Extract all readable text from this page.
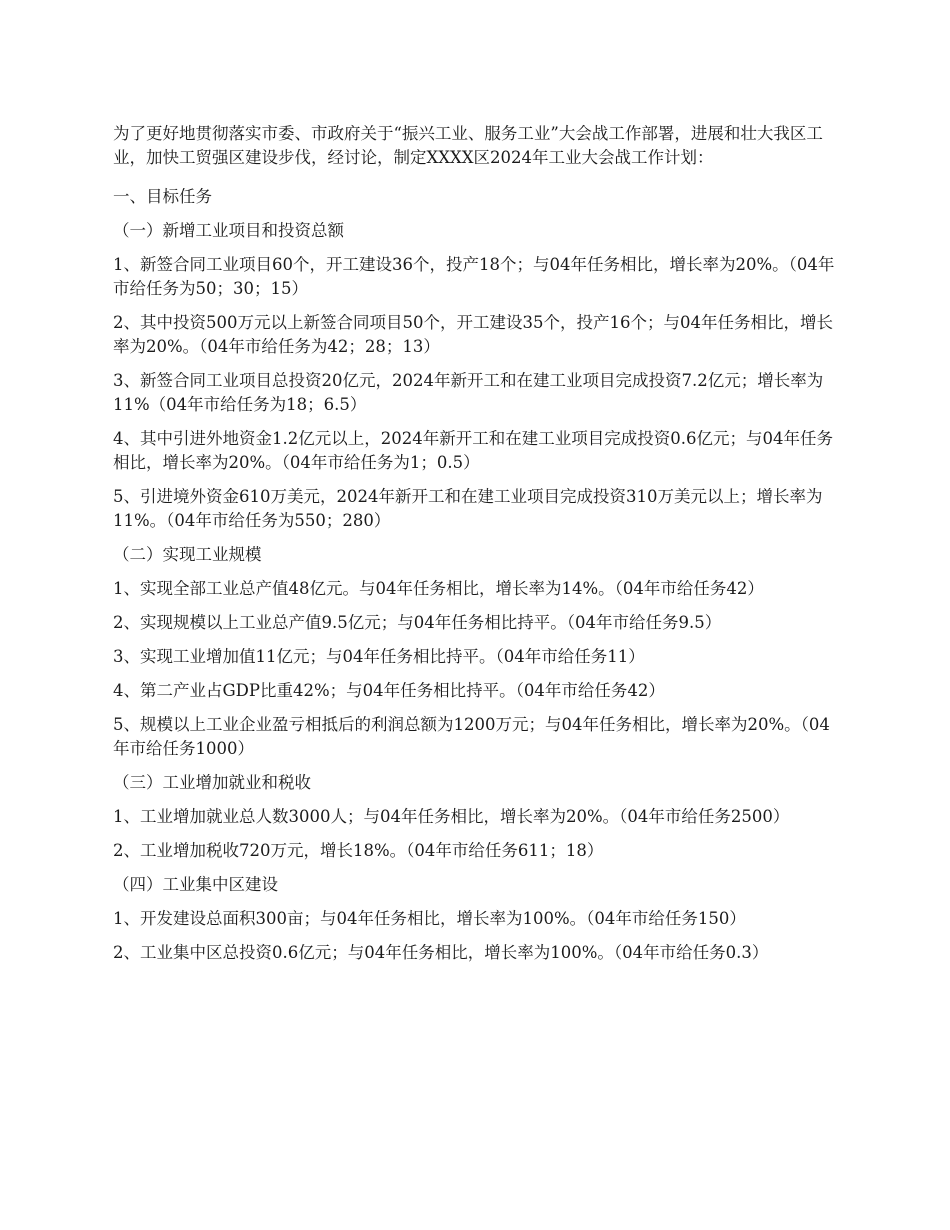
为了更好地贯彻落实市委、市政府关于“振兴工业、服务工业”大会战工作部署，进展和壮大我区工业，加快工贸强区建设步伐，经讨论，制定XXXX区2024年工业大会战工作计划：

一、目标任务

（一）新增工业项目和投资总额

1、新签合同工业项目60个，开工建设36个，投产18个；与04年任务相比，增长率为20%。（04年市给任务为50；30；15）

2、其中投资500万元以上新签合同项目50个，开工建设35个，投产16个；与04年任务相比，增长率为20%。（04年市给任务为42；28；13）

3、新签合同工业项目总投资20亿元，2024年新开工和在建工业项目完成投资7.2亿元；增长率为11%（04年市给任务为18；6.5）

4、其中引进外地资金1.2亿元以上，2024年新开工和在建工业项目完成投资0.6亿元；与04年任务相比，增长率为20%。（04年市给任务为1；0.5）

5、引进境外资金610万美元，2024年新开工和在建工业项目完成投资310万美元以上；增长率为11%。（04年市给任务为550；280）

（二）实现工业规模

1、实现全部工业总产值48亿元。与04年任务相比，增长率为14%。（04年市给任务42）

2、实现规模以上工业总产值9.5亿元；与04年任务相比持平。（04年市给任务9.5）

3、实现工业增加值11亿元；与04年任务相比持平。（04年市给任务11）

4、第二产业占GDP比重42%；与04年任务相比持平。（04年市给任务42）

5、规模以上工业企业盈亏相抵后的利润总额为1200万元；与04年任务相比，增长率为20%。（04年市给任务1000）

（三）工业增加就业和税收

1、工业增加就业总人数3000人；与04年任务相比，增长率为20%。（04年市给任务2500）

2、工业增加税收720万元，增长18%。（04年市给任务611；18）

（四）工业集中区建设

1、开发建设总面积300亩；与04年任务相比，增长率为100%。（04年市给任务150）

2、工业集中区总投资0.6亿元；与04年任务相比，增长率为100%。（04年市给任务0.3）
